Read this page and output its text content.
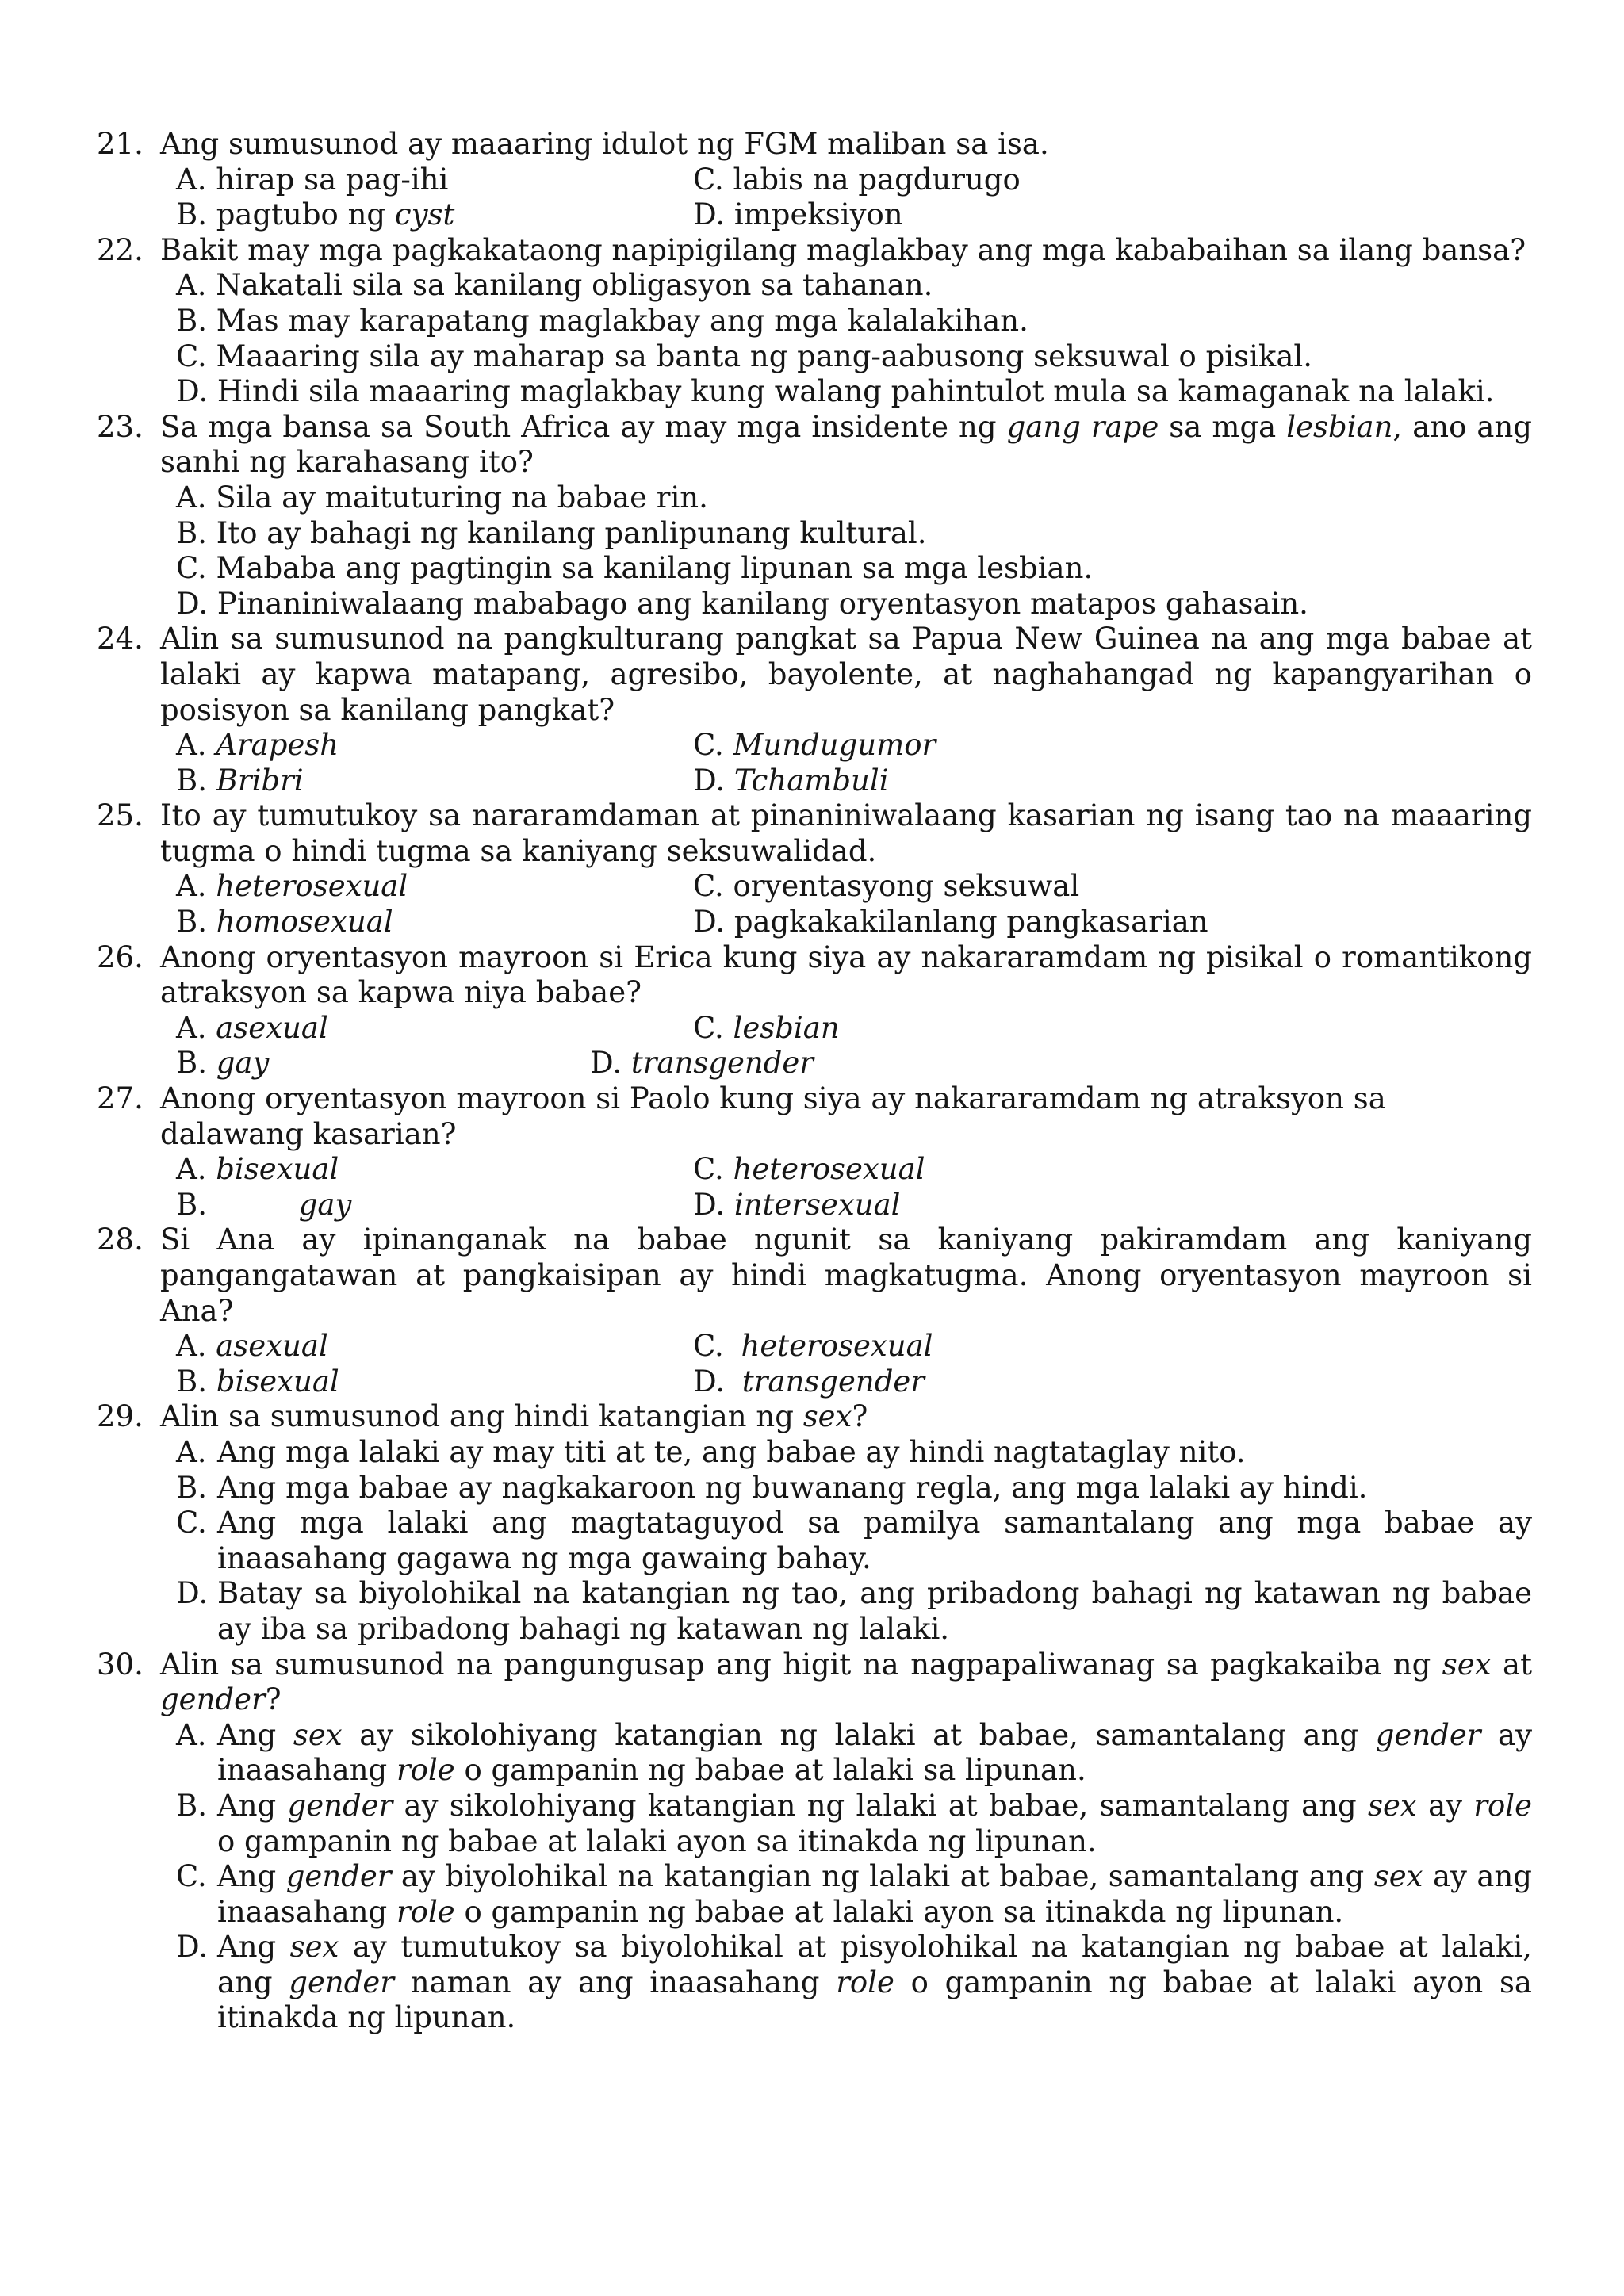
21. Ang sumusunod ay maaaring idulot ng FGM maliban sa isa.
A. hirap sa pag-ihi	C. labis na pagdurugo
B. pagtubo ng cyst	D. impeksiyon
22. Bakit may mga pagkakataong napipigilang maglakbay ang mga kababaihan sa ilang bansa?
A. Nakatali sila sa kanilang obligasyon sa tahanan.
B. Mas may karapatang maglakbay ang mga kalalakihan.
C. Maaaring sila ay maharap sa banta ng pang-aabusong seksuwal o pisikal.
D. Hindi sila maaaring maglakbay kung walang pahintulot mula sa kamaganak na lalaki.
23. Sa mga bansa sa South Africa ay may mga insidente ng gang rape sa mga lesbian, ano ang sanhi ng karahasang ito?
A. Sila ay maituturing na babae rin.
B. Ito ay bahagi ng kanilang panlipunang kultural.
C. Mababa ang pagtingin sa kanilang lipunan sa mga lesbian.
D. Pinaniniwalaang mababago ang kanilang oryentasyon matapos gahasain.
24. Alin sa sumusunod na pangkulturang pangkat sa Papua New Guinea na ang mga babae at lalaki ay kapwa matapang, agresibo, bayolente, at naghahangad ng kapangyarihan o posisyon sa kanilang pangkat?
A. Arapesh	C. Mundugumor
B. Bribri	D. Tchambuli
25. Ito ay tumutukoy sa nararamdaman at pinaniniwalaang kasarian ng isang tao na maaaring tugma o hindi tugma sa kaniyang seksuwalidad.
A. heterosexual	C. oryentasyong seksuwal
B. homosexual	D. pagkakakilanlang pangkasarian
26. Anong oryentasyon mayroon si Erica kung siya ay nakararamdam ng pisikal o romantikong atraksyon sa kapwa niya babae?
A. asexual	C. lesbian
B. gay	D. transgender
27. Anong oryentasyon mayroon si Paolo kung siya ay nakararamdam ng atraksyon sa dalawang kasarian?
A. bisexual	C. heterosexual
B.	gay	D. intersexual
28. Si Ana ay ipinanganak na babae ngunit sa kaniyang pakiramdam ang kaniyang pangangatawan at pangkaisipan ay hindi magkatugma. Anong oryentasyon mayroon si Ana?
A. asexual	C. heterosexual
B. bisexual	D. transgender
29. Alin sa sumusunod ang hindi katangian ng sex?
A. Ang mga lalaki ay may titi at te, ang babae ay hindi nagtataglay nito.
B. Ang mga babae ay nagkakaroon ng buwanang regla, ang mga lalaki ay hindi.
C. Ang mga lalaki ang magtataguyod sa pamilya samantalang ang mga babae ay inaasahang gagawa ng mga gawaing bahay.
D. Batay sa biyolohikal na katangian ng tao, ang pribadong bahagi ng katawan ng babae ay iba sa pribadong bahagi ng katawan ng lalaki.
30. Alin sa sumusunod na pangungusap ang higit na nagpapaliwanag sa pagkakaiba ng sex at gender?
A. Ang sex ay sikolohiyang katangian ng lalaki at babae, samantalang ang gender ay inaasahang role o gampanin ng babae at lalaki sa lipunan.
B. Ang gender ay sikolohiyang katangian ng lalaki at babae, samantalang ang sex ay role o gampanin ng babae at lalaki ayon sa itinakda ng lipunan.
C. Ang gender ay biyolohikal na katangian ng lalaki at babae, samantalang ang sex ay ang inaasahang role o gampanin ng babae at lalaki ayon sa itinakda ng lipunan.
D. Ang sex ay tumutukoy sa biyolohikal at pisyolohikal na katangian ng babae at lalaki, ang gender naman ay ang inaasahang role o gampanin ng babae at lalaki ayon sa itinakda ng lipunan.
